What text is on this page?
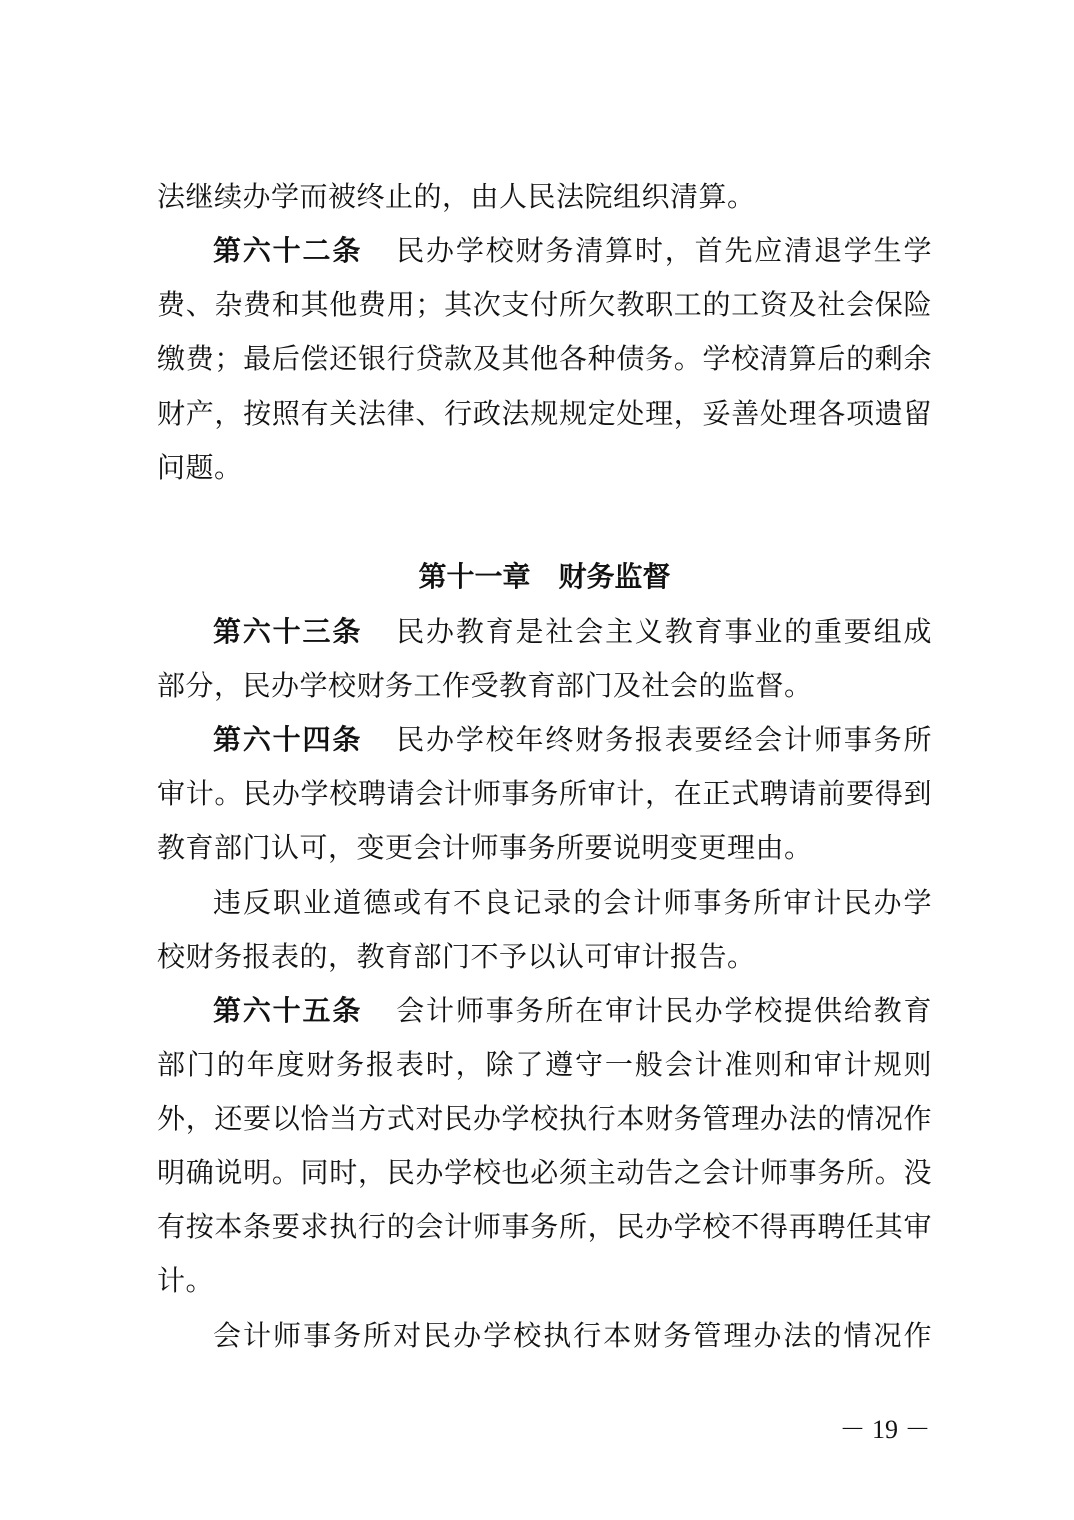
法继续办学而被终止的，由人民法院组织清算。
第六十二条 民办学校财务清算时，首先应清退学生学
费、杂费和其他费用；其次支付所欠教职工的工资及社会保险
缴费；最后偿还银行贷款及其他各种债务。学校清算后的剩余
财产，按照有关法律、行政法规规定处理，妥善处理各项遗留
问题。
第十一章　财务监督
第六十三条 民办教育是社会主义教育事业的重要组成
部分，民办学校财务工作受教育部门及社会的监督。
第六十四条 民办学校年终财务报表要经会计师事务所
审计。民办学校聘请会计师事务所审计，在正式聘请前要得到
教育部门认可，变更会计师事务所要说明变更理由。
违反职业道德或有不良记录的会计师事务所审计民办学
校财务报表的，教育部门不予以认可审计报告。
第六十五条 会计师事务所在审计民办学校提供给教育
部门的年度财务报表时，除了遵守一般会计准则和审计规则
外，还要以恰当方式对民办学校执行本财务管理办法的情况作
明确说明。同时，民办学校也必须主动告之会计师事务所。没
有按本条要求执行的会计师事务所，民办学校不得再聘任其审
计。
会计师事务所对民办学校执行本财务管理办法的情况作
－ 19 －
